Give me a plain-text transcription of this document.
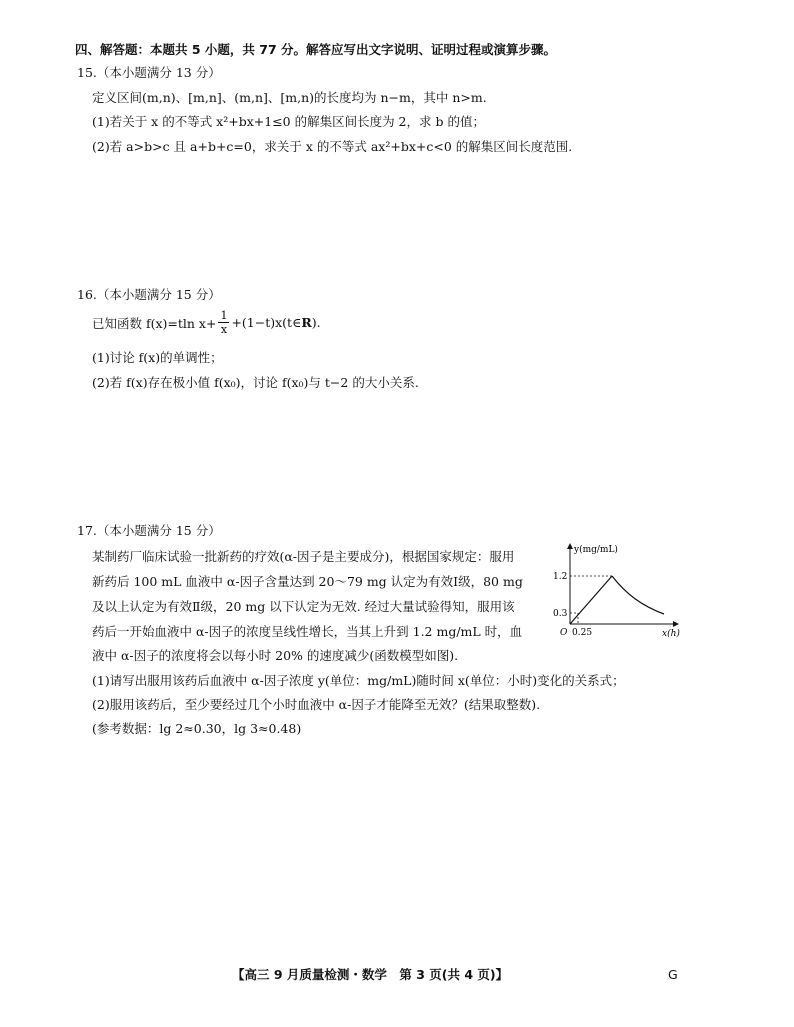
四、解答题：本题共 5 小题，共 77 分。解答应写出文字说明、证明过程或演算步骤。
15.（本小题满分 13 分）
定义区间(m,n)、[m,n]、(m,n]、[m,n)的长度均为 n−m，其中 n>m.
(1)若关于 x 的不等式 x²+bx+1≤0 的解集区间长度为 2，求 b 的值；
(2)若 a>b>c 且 a+b+c=0，求关于 x 的不等式 ax²+bx+c<0 的解集区间长度范围.
16.（本小题满分 15 分）
已知函数 f(x)=tln $x+ \frac{1}{x}$ +(1−t)x(t∈ R ).
(1)讨论 f(x)的单调性；
(2)若 f(x)存在极小值 f(x₀)，讨论 f(x₀)与 t−2 的大小关系.
17.（本小题满分 15 分）
某制药厂临床试验一批新药的疗效(α-因子是主要成分)，根据国家规定：服用
新药后 100 mL 血液中 α-因子含量达到 20～79 mg 认定为有效Ⅰ级，80 mg
及以上认定为有效Ⅱ级，20 mg 以下认定为无效. 经过大量试验得知，服用该
药后一开始血液中 α-因子的浓度呈线性增长，当其上升到 1.2 mg/mL 时，血
液中 α-因子的浓度将会以每小时 20% 的速度减少(函数模型如图).
(1)请写出服用该药后血液中 α-因子浓度 y(单位：mg/mL)随时间 x(单位：小时)变化的关系式；
(2)服用该药后，至少要经过几个小时血液中 α-因子才能降至无效？(结果取整数).
(参考数据：lg 2≈0.30，lg 3≈0.48)
y(mg/mL)
x(h)
1.2
0.3
O 0.25
【高三 9 月质量检测・数学　第 3 页(共 4 页)】	G
